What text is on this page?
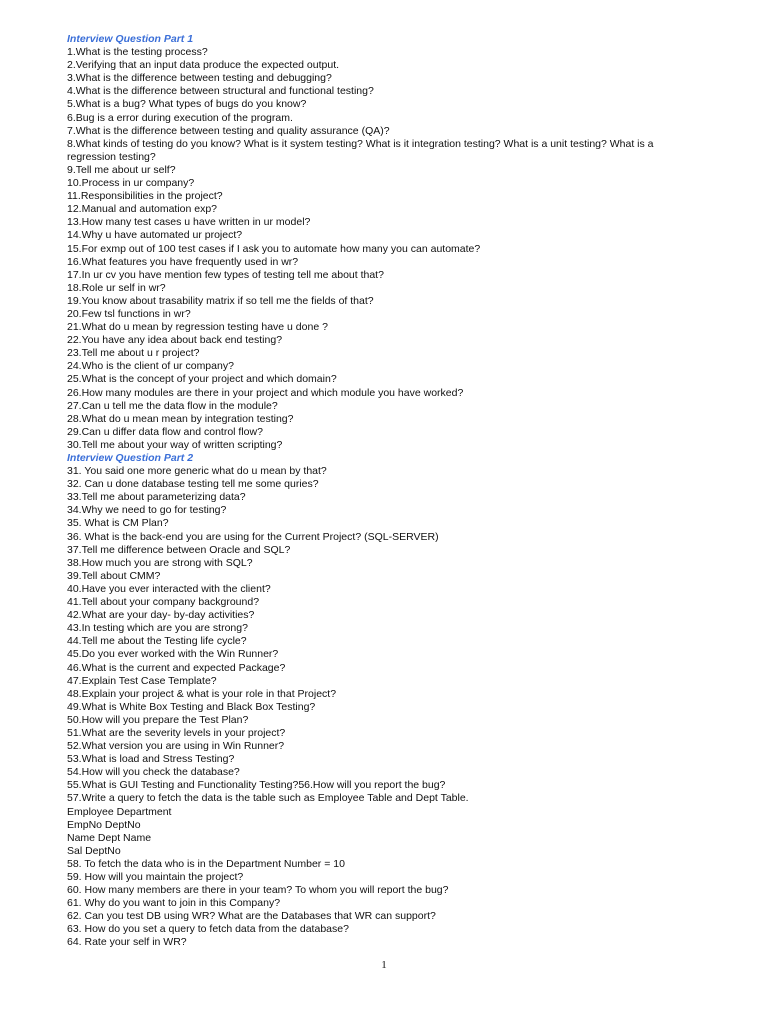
Interview Question Part 1

1.What is the testing process?

2.Verifying that an input data produce the expected output.

3.What is the difference between testing and debugging?

4.What is the difference between structural and functional testing?

5.What is a bug? What types of bugs do you know?

6.Bug is a error during execution of the program.

7.What is the difference between testing and quality assurance (QA)?

8.What kinds of testing do you know? What is it system testing? What is it integration testing? What is a unit testing? What is a

regression testing?

9.Tell me about ur self?

10.Process in ur company?

11.Responsibilities in the project?

12.Manual and automation exp?

13.How many test cases u have written in ur model?

14.Why u have automated ur project?

15.For exmp out of 100 test cases if I ask you to automate how many you can automate?

16.What features you have frequently used in wr?

17.In ur cv you have mention few types of testing tell me about that?

18.Role ur self in wr?

19.You know about trasability matrix if so tell me the fields of that?

20.Few tsl functions in wr?

21.What do u mean by regression testing have u done ?

22.You have any idea about back end testing?

23.Tell me about u r project?

24.Who is the client of ur company?

25.What is the concept of your project and which domain?

26.How many modules are there in your project and which module you have worked?

27.Can u tell me the data flow in the module?

28.What do u mean mean by integration testing?

29.Can u differ data flow and control flow?

30.Tell me about your way of written scripting?

Interview Question Part 2

31. You said one more generic what do u mean by that?

32. Can u done database testing tell me some quries?

33.Tell me about parameterizing data?

34.Why we need to go for testing?

35. What is CM Plan?

36. What is the back-end you are using for the Current Project? (SQL-SERVER)

37.Tell me difference between Oracle and SQL?

38.How much you are strong with SQL?

39.Tell about CMM?

40.Have you ever interacted with the client?

41.Tell about your company background?

42.What are your day- by-day activities?

43.In testing which are you are strong?

44.Tell me about the Testing life cycle?

45.Do you ever worked with the Win Runner?

46.What is the current and expected Package?

47.Explain Test Case Template?

48.Explain your project & what is your role in that Project?

49.What is White Box Testing and Black Box Testing?

50.How will you prepare the Test Plan?

51.What are the severity levels in your project?

52.What version you are using in Win Runner?

53.What is load and Stress Testing?

54.How will you check the database?

55.What is GUI Testing and Functionality Testing?56.How will you report the bug?

57.Write a query to fetch the data is the table such as Employee Table and Dept Table.

Employee Department

EmpNo DeptNo

Name Dept Name

Sal DeptNo

58. To fetch the data who is in the Department Number = 10

59. How will you maintain the project?

60. How many members are there in your team? To whom you will report the bug?

61. Why do you want to join in this Company?

62. Can you test DB using WR? What are the Databases that WR can support?

63. How do you set a query to fetch data from the database?

64. Rate your self in WR?

1
